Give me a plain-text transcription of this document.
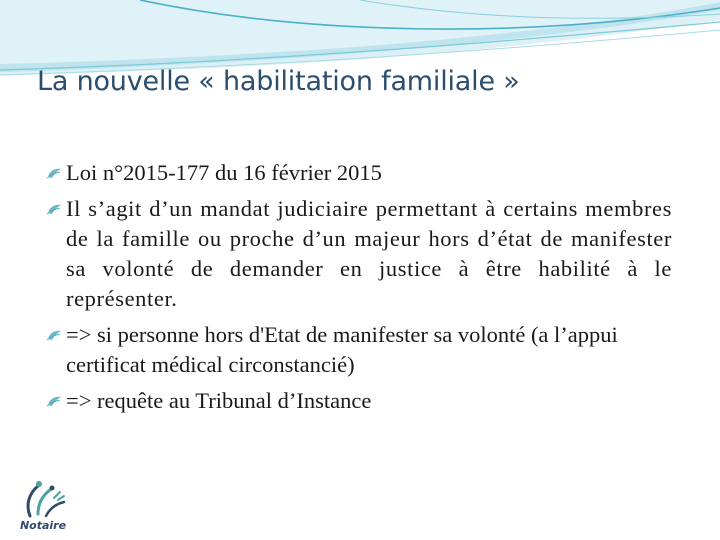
La nouvelle « habilitation familiale »
Loi n°2015-177 du 16 février 2015
Il s’agit d’un mandat judiciaire permettant à certains membres de la famille ou proche d’un majeur hors d’état de manifester sa volonté de demander en justice à être habilité à le représenter.
=> si personne hors d'Etat de manifester sa volonté (a l’appui certificat médical circonstancié)
=> requête au Tribunal d’Instance
Notaire
